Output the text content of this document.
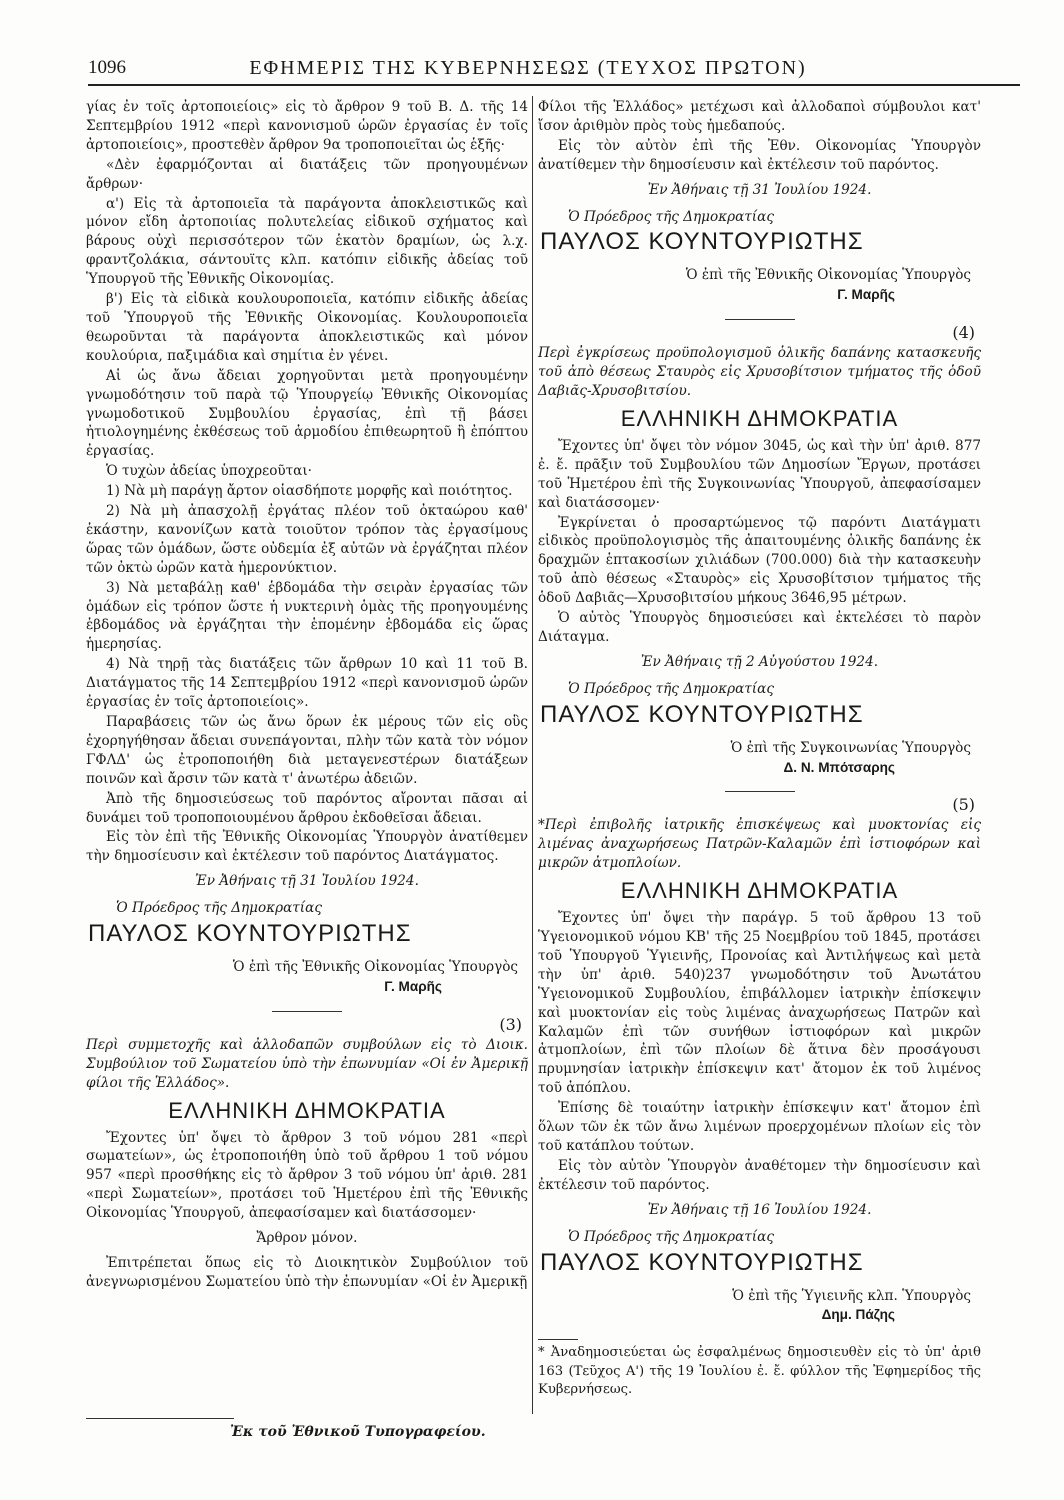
1096	ΕΦΗΜΕΡΙΣ ΤΗΣ ΚΥΒΕΡΝΗΣΕΩΣ (ΤΕΥΧΟΣ ΠΡΩΤΟΝ)

γίας ἐν τοῖς ἀρτοποιείοις» εἰς τὸ ἄρθρον 9 τοῦ Β. Δ. τῆς 14 Σεπτεμβρίου 1912 «περὶ κανονισμοῦ ὡρῶν ἐργασίας ἐν τοῖς ἀρτοποιείοις», προστεθὲν ἄρθρον 9α τροποποιεῖται ὡς ἑξῆς·

«Δὲν ἐφαρμόζονται αἱ διατάξεις τῶν προηγουμένων ἄρθρων·

α') Εἰς τὰ ἀρτοποιεῖα τὰ παράγοντα ἀποκλειστικῶς καὶ μόνον εἴδη ἀρτοποιίας πολυτελείας εἰδικοῦ σχήματος καὶ βάρους οὐχὶ περισσότερον τῶν ἑκατὸν δραμίων, ὡς λ.χ. φραντζολάκια, σάντουϊτς κλπ. κατόπιν εἰδικῆς ἀδείας τοῦ Ὑπουργοῦ τῆς Ἐθνικῆς Οἰκονομίας.

β') Εἰς τὰ εἰδικὰ κουλουροποιεῖα, κατόπιν εἰδικῆς ἀδείας τοῦ Ὑπουργοῦ τῆς Ἐθνικῆς Οἰκονομίας. Κουλουροποιεῖα θεωροῦνται τὰ παράγοντα ἀποκλειστικῶς καὶ μόνον κουλούρια, παξιμάδια καὶ σημίτια ἐν γένει.

Αἱ ὡς ἄνω ἄδειαι χορηγοῦνται μετὰ προηγουμένην γνωμοδότησιν τοῦ παρὰ τῷ Ὑπουργείῳ Ἐθνικῆς Οἰκονομίας γνωμοδοτικοῦ Συμβουλίου ἐργασίας, ἐπὶ τῇ βάσει ἠτιολογημένης ἐκθέσεως τοῦ ἁρμοδίου ἐπιθεωρητοῦ ἢ ἐπόπτου ἐργασίας.

Ὁ τυχὼν ἀδείας ὑποχρεοῦται·

1) Νὰ μὴ παράγῃ ἄρτον οἱασδήποτε μορφῆς καὶ ποιότητος.

2) Νὰ μὴ ἀπασχολῇ ἐργάτας πλέον τοῦ ὀκταώρου καθ' ἑκάστην, κανονίζων κατὰ τοιοῦτον τρόπον τὰς ἐργασίμους ὥρας τῶν ὁμάδων, ὥστε οὐδεμία ἐξ αὐτῶν νὰ ἐργάζηται πλέον τῶν ὀκτὼ ὡρῶν κατὰ ἡμερονύκτιον.

3) Νὰ μεταβάλῃ καθ' ἑβδομάδα τὴν σειρὰν ἐργασίας τῶν ὁμάδων εἰς τρόπον ὥστε ἡ νυκτερινὴ ὁμὰς τῆς προηγουμένης ἑβδομάδος νὰ ἐργάζηται τὴν ἑπομένην ἑβδομάδα εἰς ὥρας ἡμερησίας.

4) Νὰ τηρῇ τὰς διατάξεις τῶν ἄρθρων 10 καὶ 11 τοῦ Β. Διατάγματος τῆς 14 Σεπτεμβρίου 1912 «περὶ κανονισμοῦ ὡρῶν ἐργασίας ἐν τοῖς ἀρτοποιείοις».

Παραβάσεις τῶν ὡς ἄνω ὅρων ἐκ μέρους τῶν εἰς οὓς ἐχορηγήθησαν ἄδειαι συνεπάγονται, πλὴν τῶν κατὰ τὸν νόμον ΓΦΛΔ' ὡς ἐτροποποιήθη διὰ μεταγενεστέρων διατάξεων ποινῶν καὶ ἄρσιν τῶν κατὰ τ' ἀνωτέρω ἀδειῶν.

Ἀπὸ τῆς δημοσιεύσεως τοῦ παρόντος αἴρονται πᾶσαι αἱ δυνάμει τοῦ τροποποιουμένου ἄρθρου ἐκδοθεῖσαι ἄδειαι.

Εἰς τὸν ἐπὶ τῆς Ἐθνικῆς Οἰκονομίας Ὑπουργὸν ἀνατίθεμεν τὴν δημοσίευσιν καὶ ἐκτέλεσιν τοῦ παρόντος Διατάγματος.

Ἐν Ἀθήναις τῇ 31 Ἰουλίου 1924.

Ὁ Πρόεδρος τῆς Δημοκρατίας

ΠΑΥΛΟΣ ΚΟΥΝΤΟΥΡΙΩΤΗΣ

Ὁ ἐπὶ τῆς Ἐθνικῆς Οἰκονομίας Ὑπουργὸς

Γ. Μαρῆς

(3)

Περὶ συμμετοχῆς καὶ ἀλλοδαπῶν συμβούλων εἰς τὸ Διοικ. Συμβούλιον τοῦ Σωματείου ὑπὸ τὴν ἐπωνυμίαν «Οἱ ἐν Ἀμερικῇ φίλοι τῆς Ἑλλάδος».

ΕΛΛΗΝΙΚΗ ΔΗΜΟΚΡΑΤΙΑ

Ἔχοντες ὑπ' ὄψει τὸ ἄρθρον 3 τοῦ νόμου 281 «περὶ σωματείων», ὡς ἐτροποποιήθη ὑπὸ τοῦ ἄρθρου 1 τοῦ νόμου 957 «περὶ προσθήκης εἰς τὸ ἄρθρον 3 τοῦ νόμου ὑπ' ἀριθ. 281 «περὶ Σωματείων», προτάσει τοῦ Ἡμετέρου ἐπὶ τῆς Ἐθνικῆς Οἰκονομίας Ὑπουργοῦ, ἀπεφασίσαμεν καὶ διατάσσομεν·

Ἄρθρον μόνον.

Ἐπιτρέπεται ὅπως εἰς τὸ Διοικητικὸν Συμβούλιον τοῦ ἀνεγνωρισμένου Σωματείου ὑπὸ τὴν ἐπωνυμίαν «Οἱ ἐν Ἀμερικῇ

Φίλοι τῆς Ἑλλάδος» μετέχωσι καὶ ἀλλοδαποὶ σύμβουλοι κατ' ἴσον ἀριθμὸν πρὸς τοὺς ἡμεδαπούς.

Εἰς τὸν αὐτὸν ἐπὶ τῆς Ἐθν. Οἰκονομίας Ὑπουργὸν ἀνατίθεμεν τὴν δημοσίευσιν καὶ ἐκτέλεσιν τοῦ παρόντος.

Ἐν Ἀθήναις τῇ 31 Ἰουλίου 1924.

Ὁ Πρόεδρος τῆς Δημοκρατίας

ΠΑΥΛΟΣ ΚΟΥΝΤΟΥΡΙΩΤΗΣ

Ὁ ἐπὶ τῆς Ἐθνικῆς Οἰκονομίας Ὑπουργὸς

Γ. Μαρῆς

(4)

Περὶ ἐγκρίσεως προϋπολογισμοῦ ὁλικῆς δαπάνης κατασκευῆς τοῦ ἀπὸ θέσεως Σταυρὸς εἰς Χρυσοβίτσιον τμήματος τῆς ὁδοῦ Δαβιᾶς-Χρυσοβιτσίου.

ΕΛΛΗΝΙΚΗ ΔΗΜΟΚΡΑΤΙΑ

Ἔχοντες ὑπ' ὄψει τὸν νόμον 3045, ὡς καὶ τὴν ὑπ' ἀριθ. 877 ἐ. ἔ. πρᾶξιν τοῦ Συμβουλίου τῶν Δημοσίων Ἔργων, προτάσει τοῦ Ἡμετέρου ἐπὶ τῆς Συγκοινωνίας Ὑπουργοῦ, ἀπεφασίσαμεν καὶ διατάσσομεν·

Ἐγκρίνεται ὁ προσαρτώμενος τῷ παρόντι Διατάγματι εἰδικὸς προϋπολογισμὸς τῆς ἀπαιτουμένης ὁλικῆς δαπάνης ἐκ δραχμῶν ἑπτακοσίων χιλιάδων (700.000) διὰ τὴν κατασκευὴν τοῦ ἀπὸ θέσεως «Σταυρὸς» εἰς Χρυσοβίτσιον τμήματος τῆς ὁδοῦ Δαβιᾶς—Χρυσοβιτσίου μήκους 3646,95 μέτρων.

Ὁ αὐτὸς Ὑπουργὸς δημοσιεύσει καὶ ἐκτελέσει τὸ παρὸν Διάταγμα.

Ἐν Ἀθήναις τῇ 2 Αὐγούστου 1924.

Ὁ Πρόεδρος τῆς Δημοκρατίας

ΠΑΥΛΟΣ ΚΟΥΝΤΟΥΡΙΩΤΗΣ

Ὁ ἐπὶ τῆς Συγκοινωνίας Ὑπουργὸς

Δ. Ν. Μπότσαρης

(5)

*Περὶ ἐπιβολῆς ἰατρικῆς ἐπισκέψεως καὶ μυοκτονίας εἰς λιμένας ἀναχωρήσεως Πατρῶν-Καλαμῶν ἐπὶ ἱστιοφόρων καὶ μικρῶν ἀτμοπλοίων.

ΕΛΛΗΝΙΚΗ ΔΗΜΟΚΡΑΤΙΑ

Ἔχοντες ὑπ' ὄψει τὴν παράγρ. 5 τοῦ ἄρθρου 13 τοῦ Ὑγειονομικοῦ νόμου ΚΒ' τῆς 25 Νοεμβρίου τοῦ 1845, προτάσει τοῦ Ὑπουργοῦ Ὑγιεινῆς, Προνοίας καὶ Ἀντιλήψεως καὶ μετὰ τὴν ὑπ' ἀριθ. 540)237 γνωμοδότησιν τοῦ Ἀνωτάτου Ὑγειονομικοῦ Συμβουλίου, ἐπιβάλλομεν ἰατρικὴν ἐπίσκεψιν καὶ μυοκτονίαν εἰς τοὺς λιμένας ἀναχωρήσεως Πατρῶν καὶ Καλαμῶν ἐπὶ τῶν συνήθων ἱστιοφόρων καὶ μικρῶν ἀτμοπλοίων, ἐπὶ τῶν πλοίων δὲ ἅτινα δὲν προσάγουσι πρυμνησίαν ἰατρικὴν ἐπίσκεψιν κατ' ἄτομον ἐκ τοῦ λιμένος τοῦ ἀπόπλου.

Ἐπίσης δὲ τοιαύτην ἰατρικὴν ἐπίσκεψιν κατ' ἄτομον ἐπὶ ὅλων τῶν ἐκ τῶν ἄνω λιμένων προερχομένων πλοίων εἰς τὸν τοῦ κατάπλου τούτων.

Εἰς τὸν αὐτὸν Ὑπουργὸν ἀναθέτομεν τὴν δημοσίευσιν καὶ ἐκτέλεσιν τοῦ παρόντος.

Ἐν Ἀθήναις τῇ 16 Ἰουλίου 1924.

Ὁ Πρόεδρος τῆς Δημοκρατίας

ΠΑΥΛΟΣ ΚΟΥΝΤΟΥΡΙΩΤΗΣ

Ὁ ἐπὶ τῆς Ὑγιεινῆς κλπ. Ὑπουργὸς

Δημ. Πάζης

* Ἀναδημοσιεύεται ὡς ἐσφαλμένως δημοσιευθὲν εἰς τὸ ὑπ' ἀριθ 163 (Τεῦχος Α') τῆς 19 Ἰουλίου ἐ. ἔ. φύλλον τῆς Ἐφημερίδος τῆς Κυβερνήσεως.

Ἐκ τοῦ Ἐθνικοῦ Τυπογραφείου.
